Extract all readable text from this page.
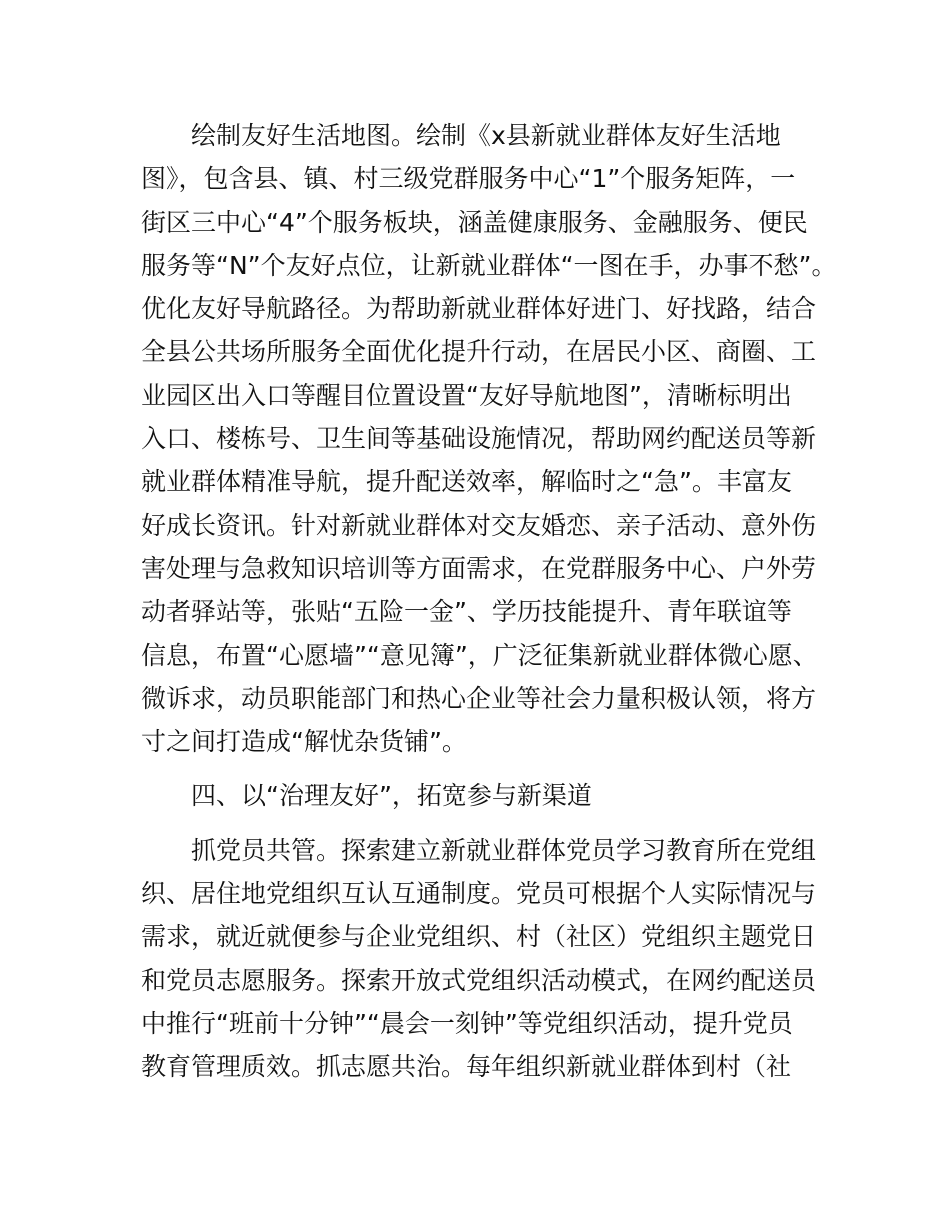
绘制友好生活地图。绘制《x县新就业群体友好生活地
图》，包含县、镇、村三级党群服务中心“1”个服务矩阵，一
街区三中心“4”个服务板块，涵盖健康服务、金融服务、便民
服务等“N”个友好点位，让新就业群体“一图在手，办事不愁”。
优化友好导航路径。为帮助新就业群体好进门、好找路，结合
全县公共场所服务全面优化提升行动，在居民小区、商圈、工
业园区出入口等醒目位置设置“友好导航地图”，清晰标明出
入口、楼栋号、卫生间等基础设施情况，帮助网约配送员等新
就业群体精准导航，提升配送效率，解临时之“急”。丰富友
好成长资讯。针对新就业群体对交友婚恋、亲子活动、意外伤
害处理与急救知识培训等方面需求，在党群服务中心、户外劳
动者驿站等，张贴“五险一金”、学历技能提升、青年联谊等
信息，布置“心愿墙”“意见簿”，广泛征集新就业群体微心愿、
微诉求，动员职能部门和热心企业等社会力量积极认领，将方
寸之间打造成“解忧杂货铺”。
四、以“治理友好”，拓宽参与新渠道
抓党员共管。探索建立新就业群体党员学习教育所在党组
织、居住地党组织互认互通制度。党员可根据个人实际情况与
需求，就近就便参与企业党组织、村（社区）党组织主题党日
和党员志愿服务。探索开放式党组织活动模式，在网约配送员
中推行“班前十分钟”“晨会一刻钟”等党组织活动，提升党员
教育管理质效。抓志愿共治。每年组织新就业群体到村（社
